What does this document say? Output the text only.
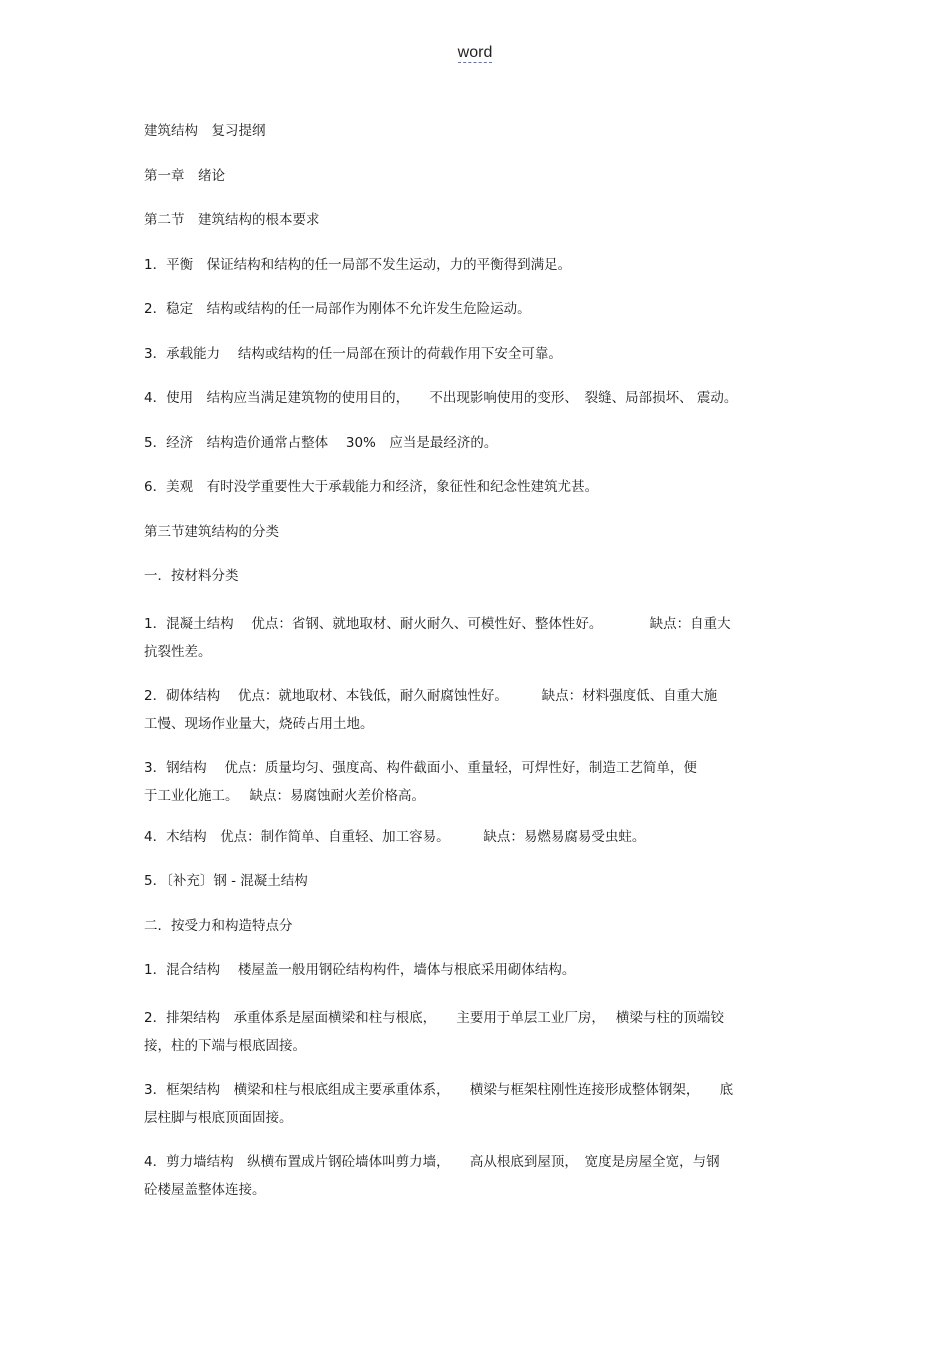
word

建筑结构　复习提纲

第一章　绪论

第二节　建筑结构的根本要求

1．平衡　保证结构和结构的任一局部不发生运动，力的平衡得到满足。

2．稳定　结构或结构的任一局部作为刚体不允许发生危险运动。

3．承载能力　 结构或结构的任一局部在预计的荷载作用下安全可靠。

4．使用　结构应当满足建筑物的使用目的，　　不出现影响使用的变形、　裂缝、局部损坏、 震动。

5．经济　结构造价通常占整体　 30%　应当是最经济的。

6．美观　有时没学重要性大于承载能力和经济，象征性和纪念性建筑尤甚。

第三节建筑结构的分类

一．按材料分类

1．混凝土结构　 优点：省钢、就地取材、耐火耐久、可模性好、整体性好。　　　　缺点：自重大
抗裂性差。

2．砌体结构　 优点：就地取材、本钱低，耐久耐腐蚀性好。　　　缺点：材料强度低、自重大施
工慢、现场作业量大，烧砖占用土地。

3．钢结构　 优点：质量均匀、强度高、构件截面小、重量轻，可焊性好，制造工艺简单，便
于工业化施工。　 缺点：易腐蚀耐火差价格高。

4．木结构　优点：制作简单、自重轻、加工容易。　　　缺点：易燃易腐易受虫蛀。

5．〔补充〕钢 - 混凝土结构

二．按受力和构造特点分

1．混合结构　 楼屋盖一般用钢砼结构构件，墙体与根底采用砌体结构。

2．排架结构　承重体系是屋面横梁和柱与根底，　　主要用于单层工业厂房，　 横梁与柱的顶端铰
接，柱的下端与根底固接。

3．框架结构　横梁和柱与根底组成主要承重体系，　　横梁与框架柱刚性连接形成整体钢架，　　底
层柱脚与根底顶面固接。

4．剪力墙结构　纵横布置成片钢砼墙体叫剪力墙，　　高从根底到屋顶，　宽度是房屋全宽，与钢
砼楼屋盖整体连接。
